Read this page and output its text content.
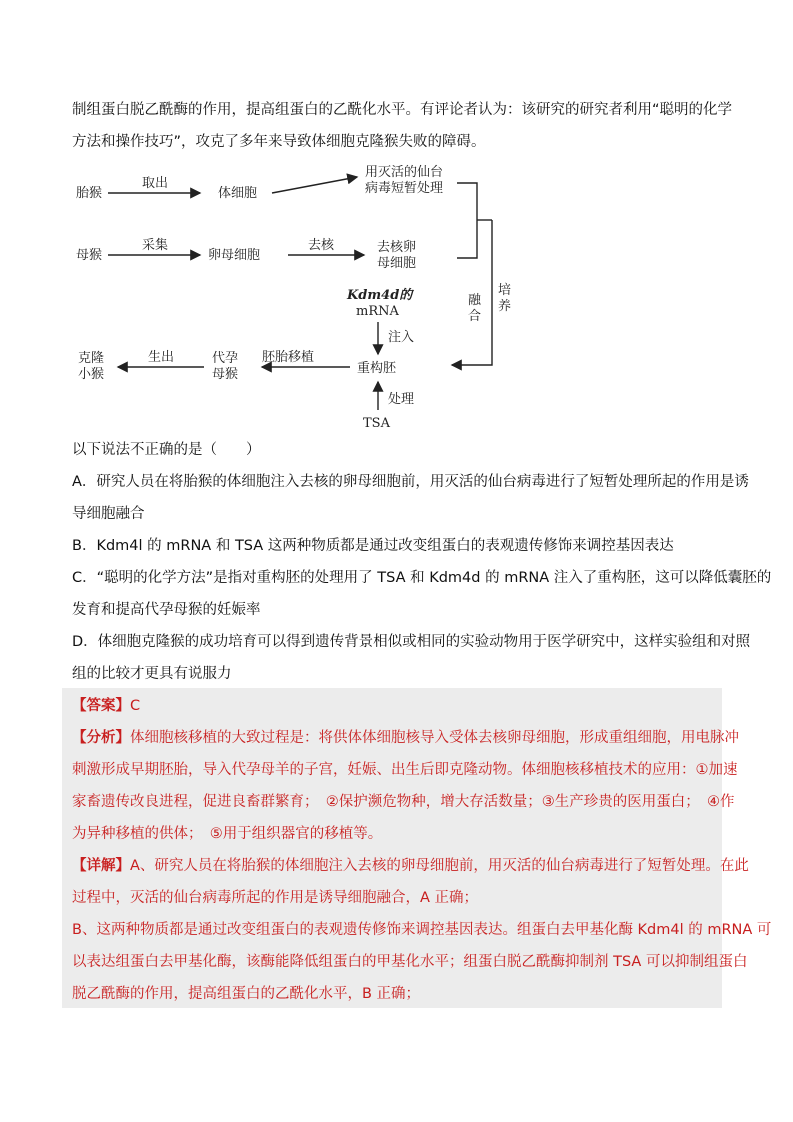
制组蛋白脱乙酰酶的作用，提高组蛋白的乙酰化水平。有评论者认为：该研究的研究者利用“聪明的化学
方法和操作技巧”，攻克了多年来导致体细胞克隆猴失败的障碍。
胎猴
取出
体细胞
用灭活的仙台
病毒短暂处理
母猴
采集
卵母细胞
去核	去核卵
母细胞
融
合
培
养
Kdm4d的
mRNA
注入
重构胚
胚胎移植
代孕
母猴
生出
克隆
小猴
处理
TSA
以下说法不正确的是（　　）
A．研究人员在将胎猴的体细胞注入去核的卵母细胞前，用灭活的仙台病毒进行了短暂处理所起的作用是诱
导细胞融合
B．Kdm4l 的 mRNA 和 TSA 这两种物质都是通过改变组蛋白的表观遗传修饰来调控基因表达
C．“聪明的化学方法”是指对重构胚的处理用了 TSA 和 Kdm4d 的 mRNA 注入了重构胚，这可以降低囊胚的
发育和提高代孕母猴的妊娠率
D．体细胞克隆猴的成功培育可以得到遗传背景相似或相同的实验动物用于医学研究中，这样实验组和对照
组的比较才更具有说服力
【答案】C
【分析】体细胞核移植的大致过程是：将供体体细胞核导入受体去核卵母细胞，形成重组细胞，用电脉冲
刺激形成早期胚胎，导入代孕母羊的子宫，妊娠、出生后即克隆动物。体细胞核移植技术的应用：①加速
家畜遗传改良进程，促进良畜群繁育；　②保护濒危物种，增大存活数量；③生产珍贵的医用蛋白；　④作
为异种移植的供体；　⑤用于组织器官的移植等。
【详解】A、研究人员在将胎猴的体细胞注入去核的卵母细胞前，用灭活的仙台病毒进行了短暂处理。在此
过程中，灭活的仙台病毒所起的作用是诱导细胞融合，A 正确；
B、这两种物质都是通过改变组蛋白的表观遗传修饰来调控基因表达。组蛋白去甲基化酶 Kdm4l 的 mRNA 可
以表达组蛋白去甲基化酶，该酶能降低组蛋白的甲基化水平；组蛋白脱乙酰酶抑制剂 TSA 可以抑制组蛋白
脱乙酰酶的作用，提高组蛋白的乙酰化水平，B 正确；
